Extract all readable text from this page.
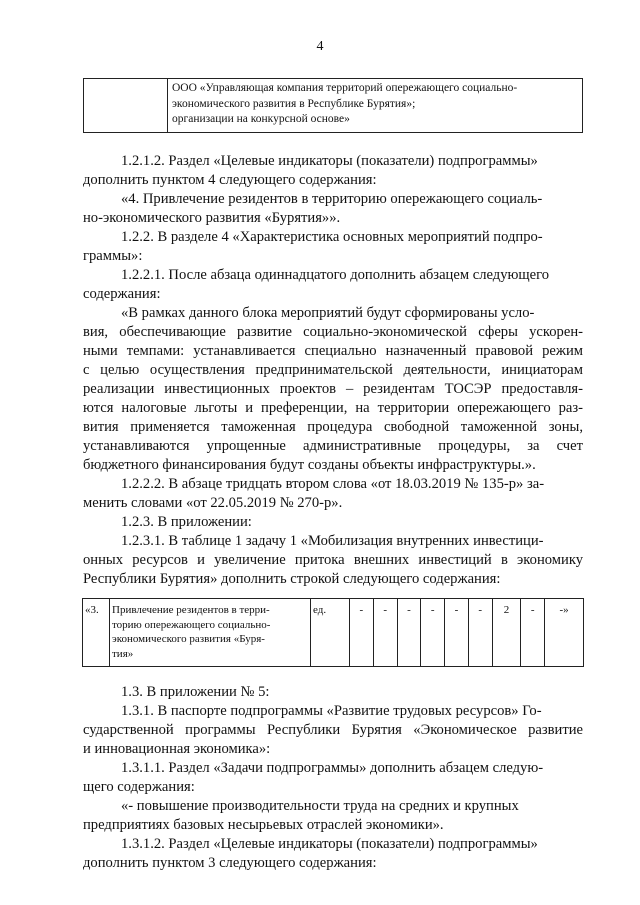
4

ООО «Управляющая компания территорий опережающего социально-
экономического развития в Республике Бурятия»;
организации на конкурсной основе»
1.2.1.2. Раздел «Целевые индикаторы (показатели) подпрограммы»
дополнить пунктом 4 следующего содержания:
«4. Привлечение резидентов в территорию опережающего социаль-
но-экономического развития «Бурятия»».
1.2.2. В разделе 4 «Характеристика основных мероприятий подпро-
граммы»:
1.2.2.1. После абзаца одиннадцатого дополнить абзацем следующего
содержания:
«В рамках данного блока мероприятий будут сформированы усло-
вия, обеспечивающие развитие социально-экономической сферы ускорен-
ными темпами: устанавливается специально назначенный правовой режим
с целью осуществления предпринимательской деятельности, инициаторам
реализации инвестиционных проектов – резидентам ТОСЭР предоставля-
ются налоговые льготы и преференции, на территории опережающего раз-
вития применяется таможенная процедура свободной таможенной зоны,
устанавливаются упрощенные административные процедуры, за счет
бюджетного финансирования будут созданы объекты инфраструктуры.».
1.2.2.2. В абзаце тридцать втором слова «от 18.03.2019 № 135-р» за-
менить словами «от 22.05.2019 № 270-р».
1.2.3. В приложении:
1.2.3.1. В таблице 1 задачу 1 «Мобилизация внутренних инвестици-
онных ресурсов и увеличение притока внешних инвестиций в экономику
Республики Бурятия» дополнить строкой следующего содержания:
«3.	Привлечение резидентов в терри-
торию опережающего социально-
экономического развития «Буря-
тия»
	ед.	-	-	-	-	-	-	2	-	-»
1.3. В приложении № 5:
1.3.1. В паспорте подпрограммы «Развитие трудовых ресурсов» Го-
сударственной программы Республики Бурятия «Экономическое развитие
и инновационная экономика»:
1.3.1.1. Раздел «Задачи подпрограммы» дополнить абзацем следую-
щего содержания:
«- повышение производительности труда на средних и крупных
предприятиях базовых несырьевых отраслей экономики».
1.3.1.2. Раздел «Целевые индикаторы (показатели) подпрограммы»
дополнить пунктом 3 следующего содержания:
